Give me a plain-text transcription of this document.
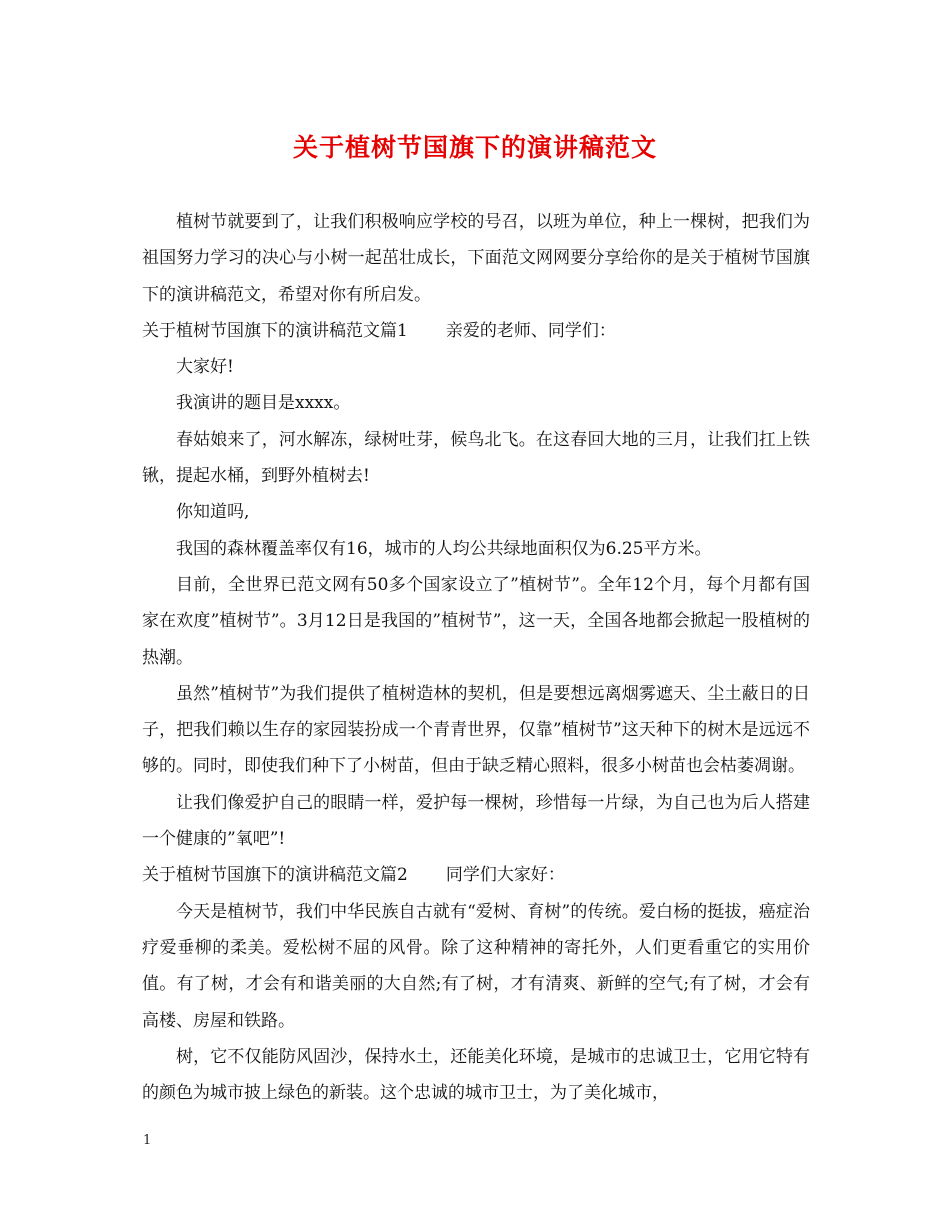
关于植树节国旗下的演讲稿范文

植树节就要到了，让我们积极响应学校的号召，以班为单位，种上一棵树，把我们为祖国努力学习的决心与小树一起茁壮成长，下面范文网网要分享给你的是关于植树节国旗下的演讲稿范文，希望对你有所启发。

关于植树节国旗下的演讲稿范文篇1 亲爱的老师、同学们：

大家好!

我演讲的题目是xxxx。

春姑娘来了，河水解冻，绿树吐芽，候鸟北飞。在这春回大地的三月，让我们扛上铁锹，提起水桶，到野外植树去!

你知道吗,

我国的森林覆盖率仅有16，城市的人均公共绿地面积仅为6.25平方米。

目前，全世界已范文网有50多个国家设立了”植树节”。全年12个月，每个月都有国家在欢度”植树节”。3月12日是我国的”植树节”，这一天，全国各地都会掀起一股植树的热潮。

虽然”植树节”为我们提供了植树造林的契机，但是要想远离烟雾遮天、尘土蔽日的日子，把我们赖以生存的家园装扮成一个青青世界，仅靠”植树节”这天种下的树木是远远不够的。同时，即使我们种下了小树苗，但由于缺乏精心照料，很多小树苗也会枯萎凋谢。

让我们像爱护自己的眼睛一样，爱护每一棵树，珍惜每一片绿，为自己也为后人搭建一个健康的”氧吧”!

关于植树节国旗下的演讲稿范文篇2 同学们大家好：

今天是植树节，我们中华民族自古就有“爱树、育树”的传统。爱白杨的挺拔，癌症治疗爱垂柳的柔美。爱松树不屈的风骨。除了这种精神的寄托外，人们更看重它的实用价值。有了树，才会有和谐美丽的大自然;有了树，才有清爽、新鲜的空气;有了树，才会有高楼、房屋和铁路。

树，它不仅能防风固沙，保持水土，还能美化环境，是城市的忠诚卫士，它用它特有的颜色为城市披上绿色的新装。这个忠诚的城市卫士，为了美化城市，

1
